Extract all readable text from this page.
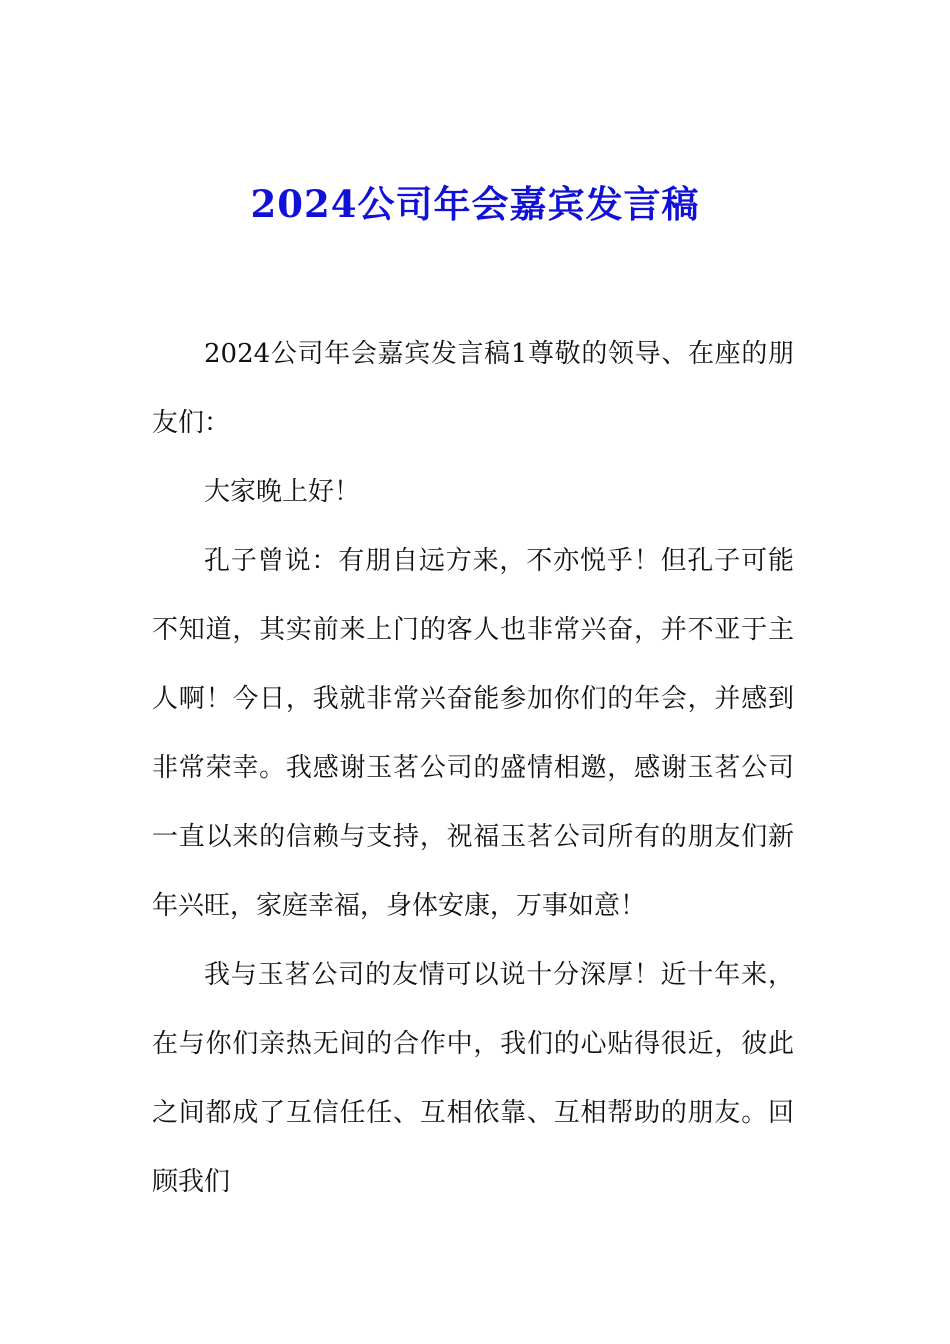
2024公司年会嘉宾发言稿

2024公司年会嘉宾发言稿1尊敬的领导、在座的朋友们：

大家晚上好！

孔子曾说：有朋自远方来，不亦悦乎！但孔子可能不知道，其实前来上门的客人也非常兴奋，并不亚于主人啊！今日，我就非常兴奋能参加你们的年会，并感到非常荣幸。我感谢玉茗公司的盛情相邀，感谢玉茗公司一直以来的信赖与支持，祝福玉茗公司所有的朋友们新年兴旺，家庭幸福，身体安康，万事如意！

我与玉茗公司的友情可以说十分深厚！近十年来，在与你们亲热无间的合作中，我们的心贴得很近，彼此之间都成了互信任任、互相依靠、互相帮助的朋友。回顾我们
